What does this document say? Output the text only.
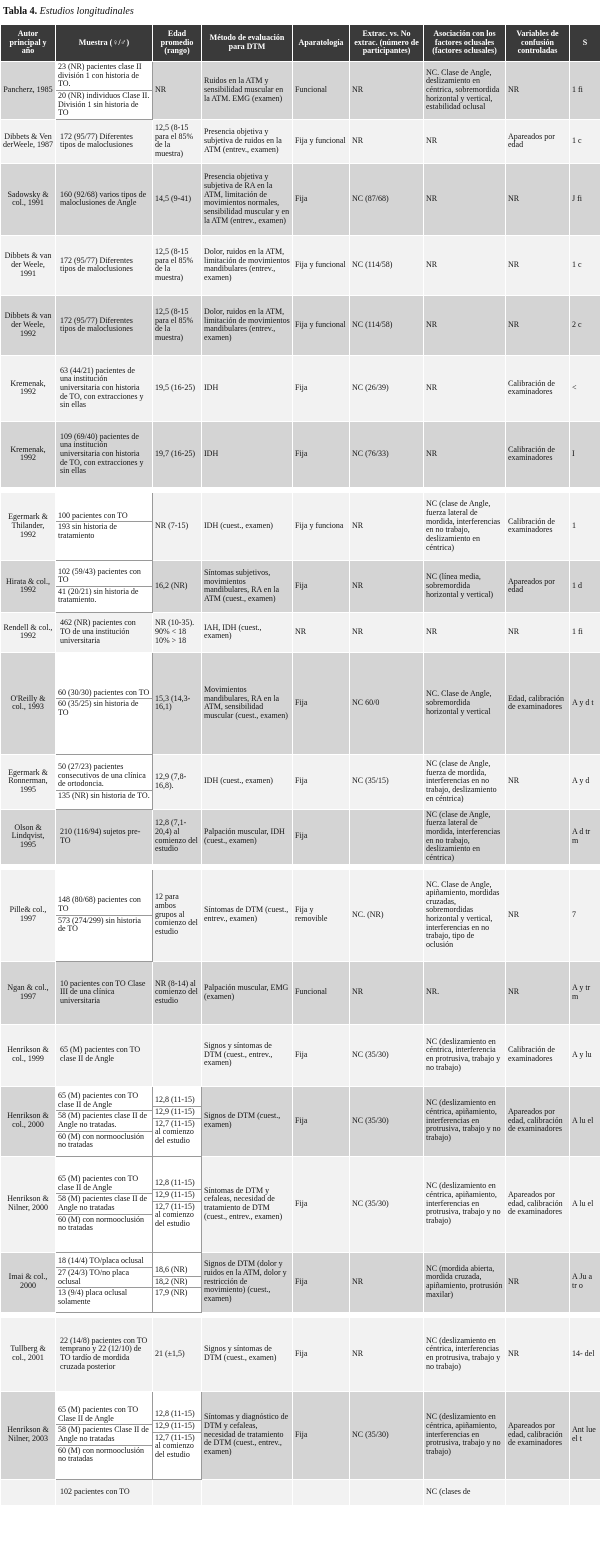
Tabla 4. Estudios longitudinales
Autor principal y año	Muestra (♀/♂)	Edad promedio (rango)	Método de evaluación para DTM	Aparatología	Extrac. vs. No extrac. (número de participantes)	Asociación con los factores oclusales (factores oclusales)	Variables de confusión controladas	S
Pancherz, 1985	23 (NR) pacientes clase II división 1 con historia de TO.
20 (NR) individuos Clase II. División 1 sin historia de TO	NR	Ruidos en la ATM y sensibilidad muscular en la ATM. EMG (examen)	Funcional	NR	NC. Clase de Angle, deslizamiento en céntrica, sobremordida horizontal y vertical, estabilidad oclusal	NR	1 fi
Dibbets & Ven derWeele, 1987	172 (95/77) Diferentes tipos de maloclusiones	12,5 (8-15 para el 85% de la muestra)	Presencia objetiva y subjetiva de ruidos en la ATM (entrev., examen)	Fija y funcional	NR	NR	Apareados por edad	1 c
Sadowsky & col., 1991	160 (92/68) varios tipos de maloclusiones de Angle	14,5 (9-41)	Presencia objetiva y subjetiva de RA en la ATM, limitación de movimientos normales, sensibilidad muscular y en la ATM (entrev., examen)	Fija	NC (87/68)	NR	NR	J fi
Dibbets & van der Weele, 1991	172 (95/77) Diferentes tipos de maloclusiones	12,5 (8-15 para el 85% de la muestra)	Dolor, ruidos en la ATM, limitación de movimientos mandibulares (entrev., examen)	Fija y funcional	NC (114/58)	NR	NR	1 c
Dibbets & van der Weele, 1992	172 (95/77) Diferentes tipos de maloclusiones	12,5 (8-15 para el 85% de la muestra)	Dolor, ruidos en la ATM, limitación de movimientos mandibulares (entrev., examen)	Fija y funcional	NC (114/58)	NR	NR	2 c
Kremenak, 1992	63 (44/21) pacientes de una institución universitaria con historia de TO, con extracciones y sin ellas	19,5 (16-25)	IDH	Fija	NC (26/39)	NR	Calibración de examinadores	<
Kremenak, 1992	109 (69/40) pacientes de una institución universitaria con historia de TO, con extracciones y sin ellas	19,7 (16-25)	IDH	Fija	NC (76/33)	NR	Calibración de examinadores	I

Egermark & Thilander, 1992	100 pacientes con TO
193 sin historia de tratamiento	NR (7-15)	IDH (cuest., examen)	Fija y funciona	NR	NC (clase de Angle, fuerza lateral de mordida, interferencias en no trabajo, deslizamiento en céntrica)	Calibración de examinadores	1
Hirata & col., 1992	102 (59/43) pacientes con TO
41 (20/21) sin historia de tratamiento.	16,2 (NR)	Síntomas subjetivos, movimientos mandibulares, RA en la ATM (cuest., examen)	Fija	NR	NC (línea media, sobremordida horizontal y vertical)	Apareados por edad	1 d
Rendell & col., 1992	462 (NR) pacientes con TO de una institución universitaria	NR (10-35). 90% < 18 10% > 18	IAH, IDH (cuest., examen)	NR	NR	NR	NR	1 fi
O'Reilly & col., 1993	60 (30/30) pacientes con TO
60 (35/25) sin historia de TO	15,3 (14,3-16,1)	Movimientos mandibulares, RA en la ATM, sensibilidad muscular (cuest., examen)	Fija	NC 60/0	NC. Clase de Angle, sobremordida horizontal y vertical	Edad, calibración de examinadores	A y d t
Egermark & Ronnerman, 1995	50 (27/23) pacientes consecutivos de una clínica de ortodoncia.
135 (NR) sin historia de TO.	12,9 (7,8-16,8).	IDH (cuest., examen)	Fija	NC (35/15)	NC (clase de Angle, fuerza de mordida, interferencias en no trabajo, deslizamiento en céntrica)	NR	A y d
Olson & Lindqvist, 1995	210 (116/94) sujetos pre-TO	12,8 (7,1-20,4) al comienzo del estudio	Palpación muscular, IDH (cuest., examen)	Fija		NC (clase de Angle, fuerza lateral de mordida, interferencias en no trabajo, deslizamiento en céntrica)		A d tr m

Pille& col., 1997	148 (80/68) pacientes con TO
573 (274/299) sin historia de TO	12 para ambos grupos al comienzo del estudio	Síntomas de DTM (cuest., entrev., examen)	Fija y removible	NC. (NR)	NC. Clase de Angle, apiñamiento, mordidas cruzadas, sobremordidas horizontal y vertical, interferencias en no trabajo, tipo de oclusión	NR	7
Ngan & col., 1997	10 pacientes con TO Clase III de una clínica universitaria	NR (8-14) al comienzo del estudio	Palpación muscular, EMG (examen)	Funcional	NR	NR.	NR	A y tr m
Henrikson & col., 1999	65 (M) pacientes con TO clase II de Angle		Signos y síntomas de DTM (cuest., entrev., examen)	Fija	NC (35/30)	NC (deslizamiento en céntrica, interferencia en protrusiva, trabajo y no trabajo)	Calibración de examinadores	A y lu
Henrikson & col., 2000	65 (M) pacientes con TO clase II de Angle
58 (M) pacientes clase II de Angle no tratadas.
60 (M) con normooclusión no tratadas	12,8 (11-15)
12,9 (11-15)
12,7 (11-15) al comienzo del estudio	Signos de DTM (cuest., examen)	Fija	NC (35/30)	NC (deslizamiento en céntrica, apiñamiento, interferencias en protrusiva, trabajo y no trabajo)	Apareados por edad, calibración de examinadores	A lu el
Henrikson & Nilner, 2000	65 (M) pacientes con TO clase II de Angle
58 (M) pacientes clase II de Angle no tratadas
60 (M) con normooclusión no tratadas	12,8 (11-15)
12,9 (11-15)
12,7 (11-15) al comienzo del estudio	Síntomas de DTM y cefaleas, necesidad de tratamiento de DTM (cuest., entrev., examen)	Fija	NC (35/30)	NC (deslizamiento en céntrica, apiñamiento, interferencias en protrusiva, trabajo y no trabajo)	Apareados por edad, calibración de examinadores	A lu el
Imai & col., 2000	18 (14/4) TO/placa oclusal
27 (24/3) TO/no placa oclusal
13 (9/4) placa oclusal solamente	18,6 (NR)
18,2 (NR)
17,9 (NR)	Signos de DTM (dolor y ruidos en la ATM, dolor y restricción de movimiento) (cuest., examen)	Fija	NR	NC (mordida abierta, mordida cruzada, apiñamiento, protrusión maxilar)	NR	A Ju a tr o

Tullberg & col., 2001	22 (14/8) pacientes con TO temprano y 22 (12/10) de TO tardío de mordida cruzada posterior	21 (±1,5)	Signos y síntomas de DTM (cuest., examen)	Fija	NR	NC (deslizamiento en céntrica, interferencias en protrusiva, trabajo y no trabajo)	NR	14- del
Henrikson & Nilner, 2003	65 (M) pacientes con TO Clase II de Angle
58 (M) pacientes Clase II de Angle no tratadas
60 (M) con normooclusión no tratadas	12,8 (11-15)
12,9 (11-15)
12,7 (11-15) al comienzo del estudio	Síntomas y diagnóstico de DTM y cefaleas, necesidad de tratamiento de DTM (cuest., entrev., examen)	Fija	NC (35/30)	NC (deslizamiento en céntrica, apiñamiento, interferencias en protrusiva, trabajo y no trabajo)	Apareados por edad, calibración de examinadores	Ant lue el t

	102 pacientes con TO					NC (clases de		
